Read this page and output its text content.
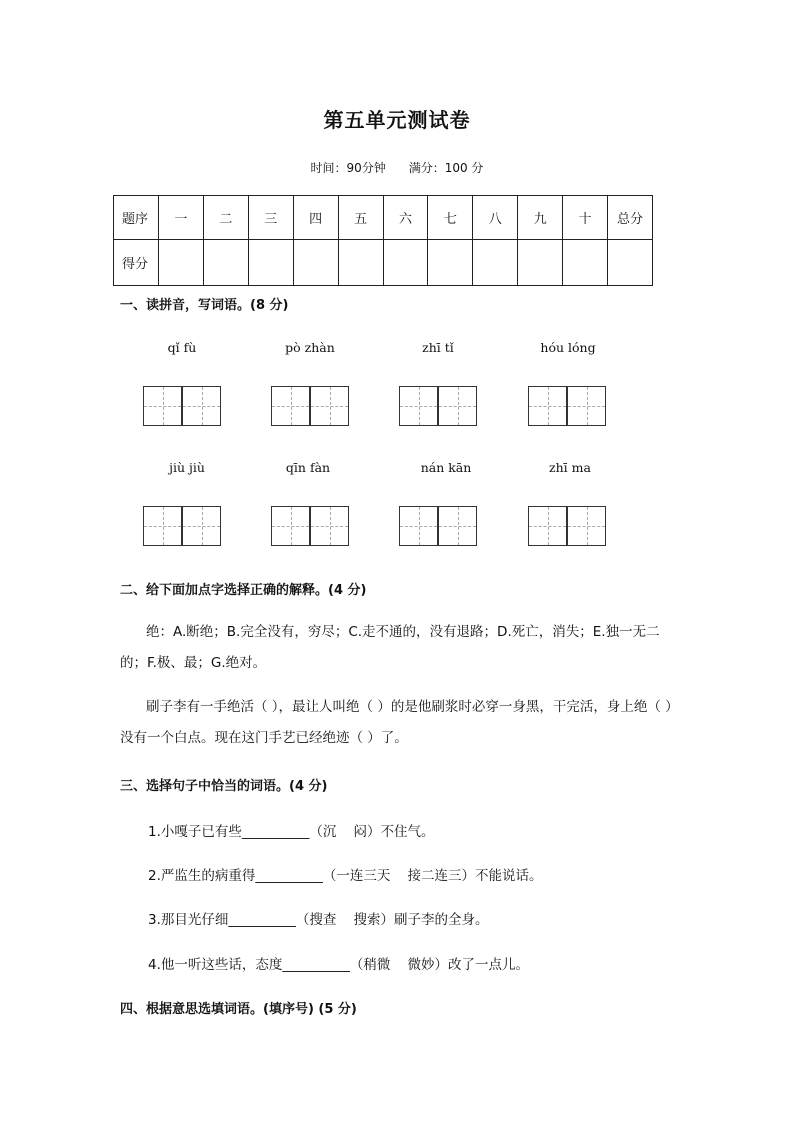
第五单元测试卷
时间：90分钟      满分：100 分
题序	一	二	三	四	五	六	七	八	九	十	总分
得分											
一、读拼音，写词语。(8 分)
qǐ fù	pò zhàn	zhī tǐ	hóu lóng
jiù jiù	qīn fàn	nán kān	zhī ma
二、给下面加点字选择正确的解释。(4 分)
绝：A.断绝；B.完全没有，穷尽；C.走不通的，没有退路；D.死亡，消失；E.独一无二的；F.极、最；G.绝对。
刷子李有一手绝活（ ），最让人叫绝（ ）的是他刷浆时必穿一身黑，干完活，身上绝（ ）没有一个白点。现在这门手艺已经绝迹（ ）了。
三、选择句子中恰当的词语。(4 分)
1.小嘎子已有些__________（沉    闷）不住气。
2.严监生的病重得__________（一连三天    接二连三）不能说话。
3.那目光仔细__________（搜查    搜索）刷子李的全身。
4.他一听这些话，态度__________（稍微    微妙）改了一点儿。
四、根据意思选填词语。(填序号) (5 分)
